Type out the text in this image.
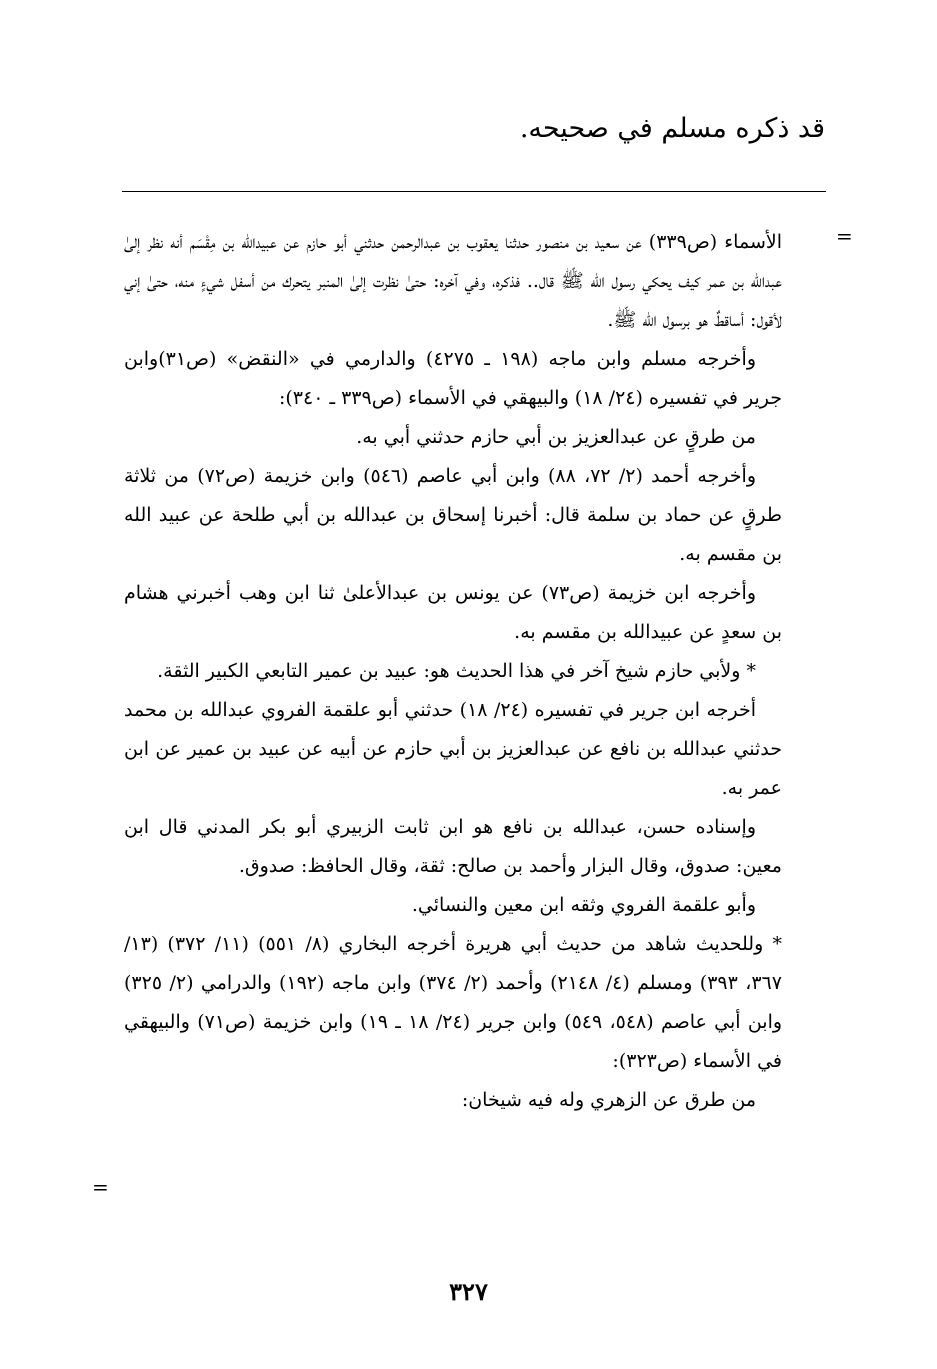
قد ذكره مسلم في صحيحه.

=

الأسماء (ص٣٣٩) عن سعيد بن منصور حدثنا يعقوب بن عبدالرحمن حدثني أبو حازم عن عبيدالله بن مِقْسَم أنه نظر إلىٰ عبدالله بن عمر كيف يحكي رسول الله ﷺ قال.. فذكره، وفي آخره: حتىٰ نظرت إلىٰ المنبر يتحرك من أسفل شيءٍ منه، حتىٰ إني لأقول: أساقطٌ هو برسول الله ﷺ.

وأخرجه مسلم وابن ماجه (١٩٨ ـ ٤٢٧٥) والدارمي في «النقض» (ص٣١)وابن جرير في تفسيره (٢٤/ ١٨) والبيهقي في الأسماء (ص٣٣٩ ـ ٣٤٠):

من طرقٍ عن عبدالعزيز بن أبي حازم حدثني أبي به.

وأخرجه أحمد (٢/ ٧٢، ٨٨) وابن أبي عاصم (٥٤٦) وابن خزيمة (ص٧٢) من ثلاثة طرقٍ عن حماد بن سلمة قال: أخبرنا إسحاق بن عبدالله بن أبي طلحة عن عبيد الله بن مقسم به.

وأخرجه ابن خزيمة (ص٧٣) عن يونس بن عبدالأعلىٰ ثنا ابن وهب أخبرني هشام بن سعدٍ عن عبيدالله بن مقسم به.

* ولأبي حازم شيخ آخر في هذا الحديث هو: عبيد بن عمير التابعي الكبير الثقة.

أخرجه ابن جرير في تفسيره (٢٤/ ١٨) حدثني أبو علقمة الفروي عبدالله بن محمد حدثني عبدالله بن نافع عن عبدالعزيز بن أبي حازم عن أبيه عن عبيد بن عمير عن ابن عمر به.

وإسناده حسن، عبدالله بن نافع هو ابن ثابت الزبيري أبو بكر المدني قال ابن معين: صدوق، وقال البزار وأحمد بن صالح: ثقة، وقال الحافظ: صدوق.

وأبو علقمة الفروي وثقه ابن معين والنسائي.

* وللحديث شاهد من حديث أبي هريرة أخرجه البخاري (٨/ ٥٥١) (١١/ ٣٧٢) (١٣/ ٣٦٧، ٣٩٣) ومسلم (٤/ ٢١٤٨) وأحمد (٢/ ٣٧٤) وابن ماجه (١٩٢) والدرامي (٢/ ٣٢٥) وابن أبي عاصم (٥٤٨، ٥٤٩) وابن جرير (٢٤/ ١٨ ـ ١٩) وابن خزيمة (ص٧١) والبيهقي في الأسماء (ص٣٢٣):

من طرق عن الزهري وله فيه شيخان:

=
٣٢٧
